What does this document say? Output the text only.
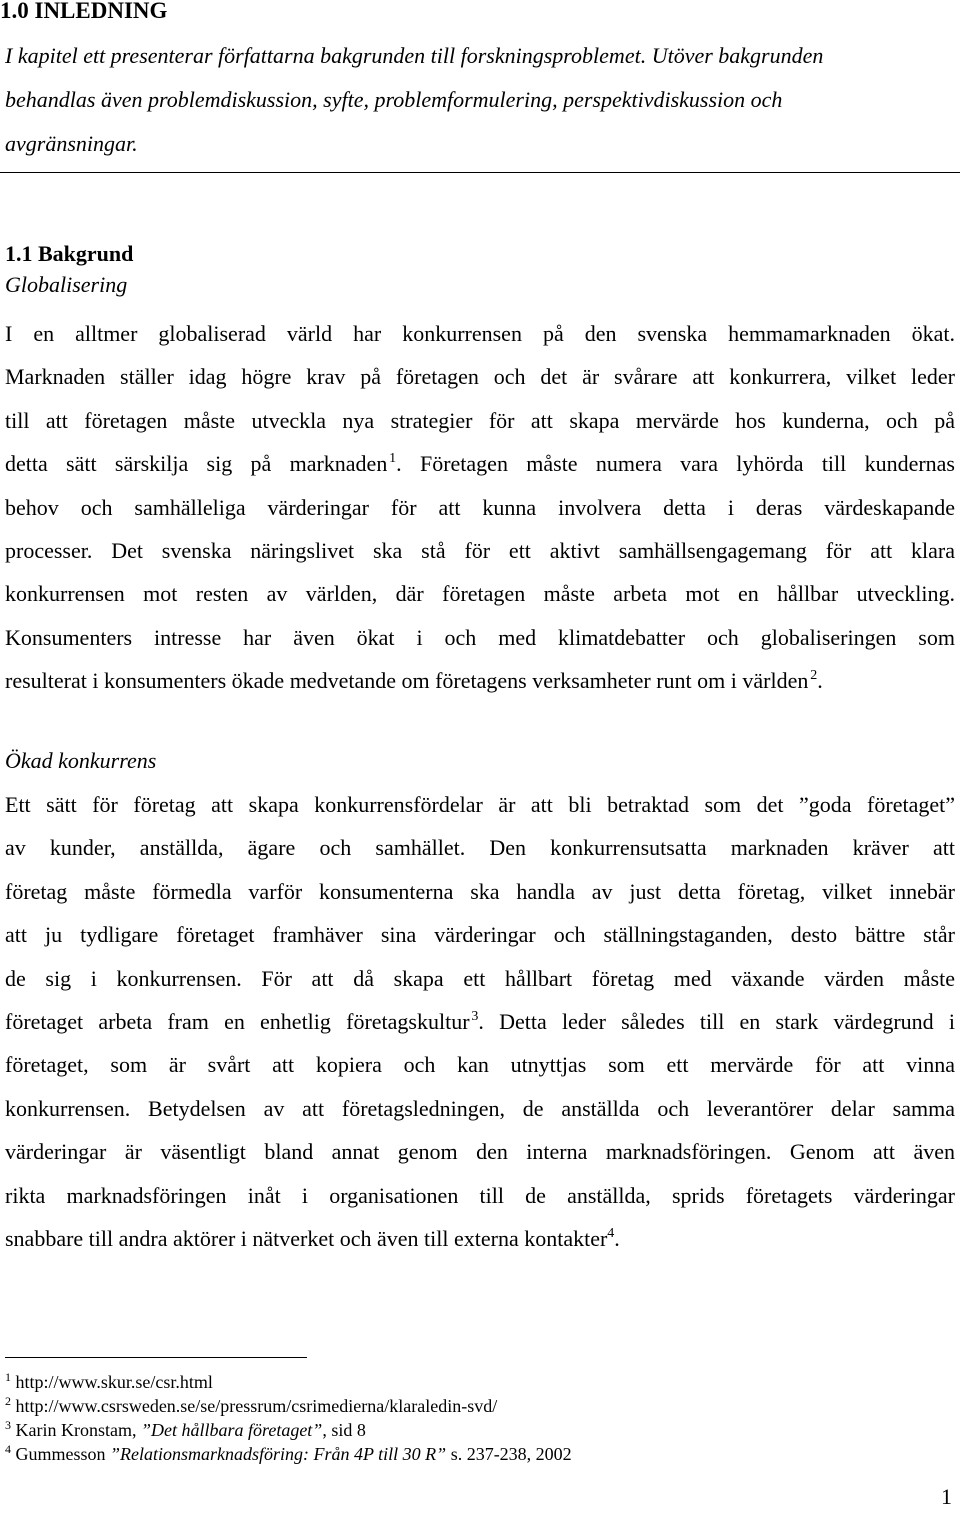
1.0 INLEDNING
I kapitel ett presenterar författarna bakgrunden till forskningsproblemet. Utöver bakgrunden
behandlas även problemdiskussion, syfte, problemformulering, perspektivdiskussion och
avgränsningar.
1.1 Bakgrund
Globalisering
I en alltmer globaliserad värld har konkurrensen på den svenska hemmamarknaden ökat.
Marknaden ställer idag högre krav på företagen och det är svårare att konkurrera, vilket leder
till att företagen måste utveckla nya strategier för att skapa mervärde hos kunderna, och på
detta sätt särskilja sig på marknaden  $^1$. Företagen måste numera vara lyhörda till kundernas
behov och samhälleliga värderingar för att kunna involvera detta i deras värdeskapande
processer. Det svenska näringslivet ska stå för ett aktivt samhällsengagemang för att klara
konkurrensen mot resten av världen, där företagen måste arbeta mot en hållbar utveckling.
Konsumenters intresse har även ökat i och med klimatdebatter och globaliseringen som
resulterat i konsumenters ökade medvetande om företagens verksamheter runt om i världen  $^2$.
Ökad konkurrens
Ett sätt för företag att skapa konkurrensfördelar är att bli betraktad som det ”goda företaget”
av kunder, anställda, ägare och samhället. Den konkurrensutsatta marknaden kräver att
företag måste förmedla varför konsumenterna ska handla av just detta företag, vilket innebär
att ju tydligare företaget framhäver sina värderingar och ställningstaganden, desto bättre står
de sig i konkurrensen. För att då skapa ett hållbart företag med växande värden måste
företaget arbeta fram en enhetlig företagskultur  $^3$. Detta leder således till en stark värdegrund i
företaget, som är svårt att kopiera och kan utnyttjas som ett mervärde för att vinna
konkurrensen. Betydelsen av att företagsledningen, de anställda och leverantörer delar samma
värderingar är väsentligt bland annat genom den interna marknadsföringen. Genom att även
rikta marknadsföringen inåt i organisationen till de anställda, sprids företagets värderingar
snabbare till andra aktörer i nätverket och även till externa kontakter$^4$.
$^1$ http://www.skur.se/csr.html
$^2$ http://www.csrsweden.se/se/pressrum/csrimedierna/klaraledin-svd/
$^3$ Karin Kronstam, ”Det hållbara företaget”, sid 8
$^4$ Gummesson ”Relationsmarknadsföring: Från 4P till 30 R” s. 237-238, 2002
1
